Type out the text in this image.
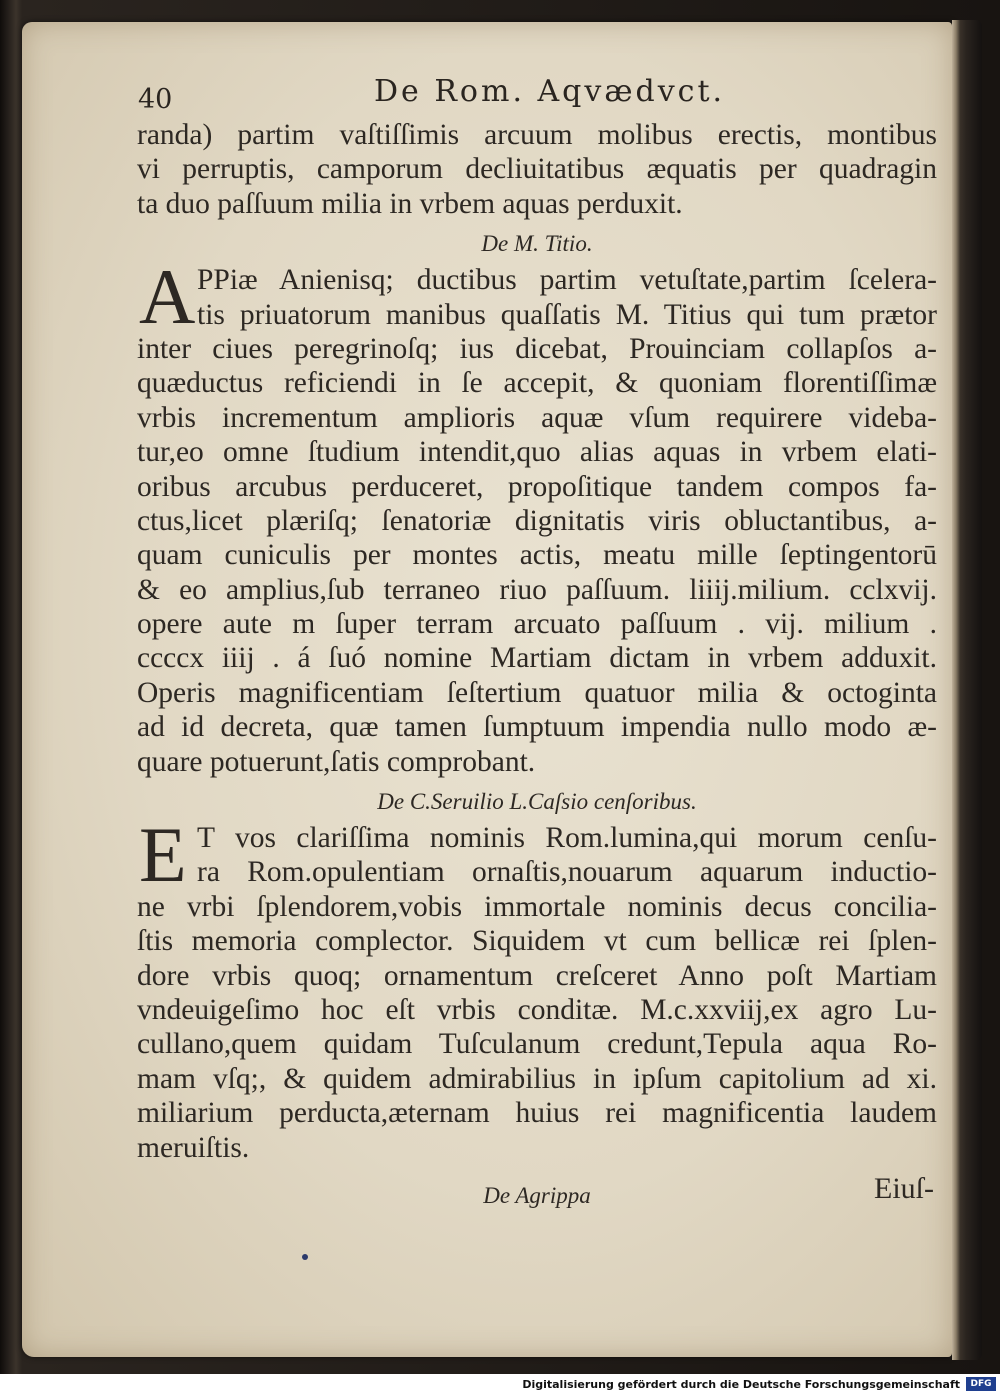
40	De Rom. Aqvædvct.
randa) partim vaſtiſſimis arcuum molibus erectis, montibus
vi perruptis, camporum decliuitatibus æquatis per quadragin
ta duo paſſuum milia in vrbem aquas perduxit.
De M. Titio.
A PPiæ Anienisq; ductibus partim vetuſtate,partim ſcelera-
tis priuatorum manibus quaſſatis M. Titius qui tum prætor
inter ciues peregrinoſq; ius dicebat, Prouinciam collapſos a-
quæductus reficiendi in ſe accepit, & quoniam florentiſſimæ
vrbis incrementum amplioris aquæ vſum requirere videba-
tur,eo omne ſtudium intendit,quo alias aquas in vrbem elati-
oribus arcubus perduceret, propoſitique tandem compos fa-
ctus,licet plæriſq; ſenatoriæ dignitatis viris obluctantibus, a-
quam cuniculis per montes actis, meatu mille ſeptingentorū
& eo amplius,ſub terraneo riuo paſſuum. liiij.milium. cclxvij.
opere aute m ſuper terram arcuato paſſuum . vij. milium .
ccccx iiij . á ſuó nomine Martiam dictam in vrbem adduxit.
Operis magnificentiam ſeſtertium quatuor milia & octoginta
ad id decreta, quæ tamen ſumptuum impendia nullo modo æ-
quare potuerunt,ſatis comprobant.
De C.Seruilio L.Caſsio cenſoribus.
E T vos clariſſima nominis Rom.lumina,qui morum cenſu-
ra Rom.opulentiam ornaſtis,nouarum aquarum inductio-
ne vrbi ſplendorem,vobis immortale nominis decus concilia-
ſtis memoria complector. Siquidem vt cum bellicæ rei ſplen-
dore vrbis quoq; ornamentum creſceret Anno poſt Martiam
vndeuigeſimo hoc eſt vrbis conditæ. M.c.xxviij,ex agro Lu-
cullano,quem quidam Tuſculanum credunt,Tepula aqua Ro-
mam vſq;, & quidem admirabilius in ipſum capitolium ad xi.
miliarium perducta,æternam huius rei magnificentia laudem
meruiſtis.
De Agrippa	Eiuſ-
Digitalisierung gefördert durch die Deutsche Forschungsgemeinschaft	DFG
